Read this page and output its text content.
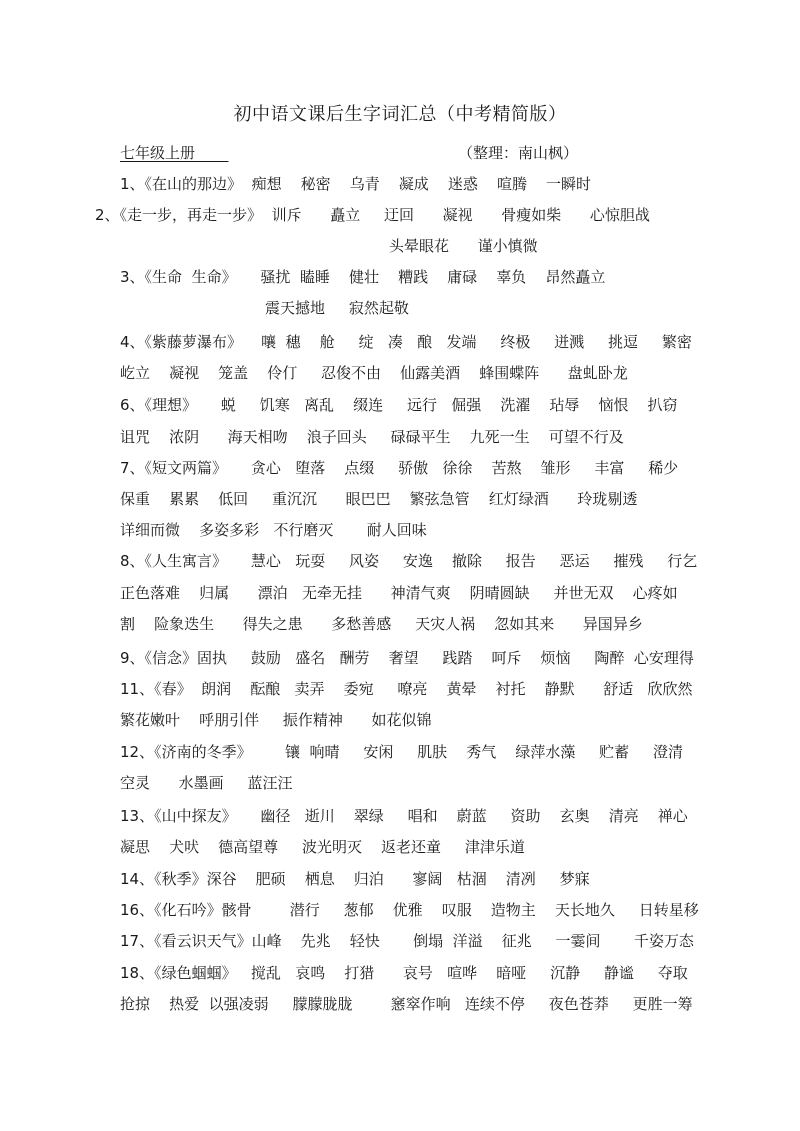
初中语文课后生字词汇总（中考精简版）
七年级上册	（整理：南山枫）
1、《在山的那边》  痴想    秘密    乌青    凝成    迷惑    喧腾    一瞬时
2、《走一步，再走一步》  训斥      矗立     迂回      凝视      骨瘦如柴      心惊胆战
头晕眼花      谨小慎微
3、《生命  生命》     骚扰  瞌睡    健壮    糟践    庸碌    辜负    昂然矗立
震天撼地     寂然起敬
4、《紫藤萝瀑布》    嚷  穗    舱     绽   凑   酿   发端     终极     迸溅     挑逗     繁密
屹立    凝视    笼盖    伶仃     忍俊不由    仙露美酒    蜂围蝶阵      盘虬卧龙
6、《理想》     蜕     饥寒   离乱    缀连     远行   倔强    洗濯    玷辱    恼恨    扒窃
诅咒    浓阴      海天相吻    浪子回头     碌碌平生    九死一生    可望不行及
7、《短文两篇》     贪心   堕落    点缀     骄傲   徐徐    苦熬    雏形     丰富     稀少
保重    累累    低回     重沉沉      眼巴巴    繁弦急管    红灯绿酒      玲珑剔透
详细而微    多姿多彩   不行磨灭       耐人回味
8、《人生寓言》     慧心   玩耍     风姿     安逸    撤除     报告     恶运     摧残     行乞
正色落难    归属      漂泊   无牵无挂      神清气爽    阴晴圆缺     并世无双    心疼如
割    险象迭生      得失之患      多愁善感     天灾人祸    忽如其来      异国异乡
9、《信念》固执     鼓励   盛名   酬劳    奢望     践踏    呵斥    烦恼     陶醉  心安理得
11、《春》  朗润    酝酿   卖弄    委宛     嘹亮    黄晕    衬托    静默      舒适   欣欣然
繁花嫩叶    呼朋引伴     振作精神      如花似锦
12、《济南的冬季》       镶  响晴     安闲     肌肤    秀气    绿萍水藻     贮蓄     澄清
空灵      水墨画     蓝汪汪
13、《山中探友》     幽径   逝川    翠绿     唱和    蔚蓝     资助    玄奥    清亮    禅心
凝思    犬吠    德高望尊     波光明灭    返老还童     津津乐道
14、《秋季》深谷    肥硕    栖息    归泊      寥阔   枯涸    清冽     梦寐
16、《化石吟》骸骨        潜行     葱郁    优雅    叹服    造物主    天长地久     日转星移
17、《看云识天气》山峰    先兆    轻快       倒塌  洋溢    征兆     一霎间       千姿万态
18、《绿色蝈蝈》   搅乱   哀鸣    打猎      哀号   喧哗    暗哑     沉静     静谧     夺取
抢掠    热爱  以强凌弱     朦朦胧胧        窸窣作响   连续不停     夜色苍莽     更胜一筹
